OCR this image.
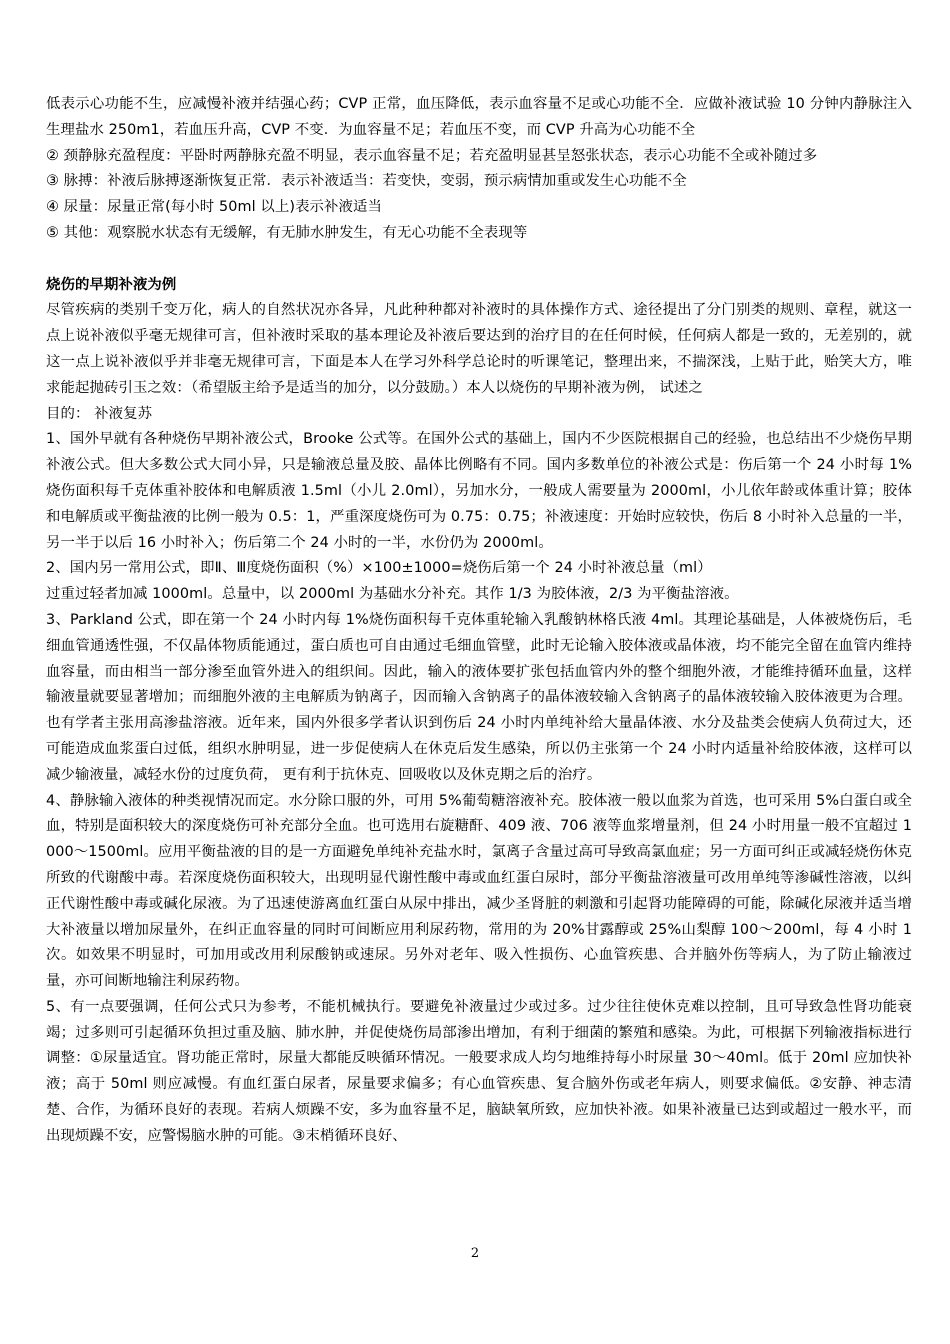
低表示心功能不生，应减慢补液并结强心药；CVP 正常，血压降低，表示血容量不足或心功能不全．应做补液试验 10 分钟内静脉注入生理盐水 250m1，若血压升高，CVP 不变．为血容量不足；若血压不变，而 CVP 升高为心功能不全

② 颈静脉充盈程度：平卧时两静脉充盈不明显，表示血容量不足；若充盈明显甚呈怒张状态，表示心功能不全或补随过多

③ 脉搏：补液后脉搏逐渐恢复正常．表示补液适当：若变快，变弱，预示病情加重或发生心功能不全

④ 尿量：尿量正常(每小时 50ml 以上)表示补液适当

⑤ 其他：观察脱水状态有无缓解，有无肺水肿发生，有无心功能不全表现等

烧伤的早期补液为例

尽管疾病的类别千变万化，病人的自然状况亦各异，凡此种种都对补液时的具体操作方式、途径提出了分门别类的规则、章程，就这一点上说补液似乎毫无规律可言，但补液时采取的基本理论及补液后要达到的治疗目的在任何时候，任何病人都是一致的，无差别的，就这一点上说补液似乎并非毫无规律可言，下面是本人在学习外科学总论时的听课笔记，整理出来，不揣深浅，上贴于此，贻笑大方，唯求能起抛砖引玉之效：（希望版主给予是适当的加分，以分鼓励。）本人以烧伤的早期补液为例， 试述之

目的： 补液复苏

1、国外早就有各种烧伤早期补液公式，Brooke 公式等。在国外公式的基础上，国内不少医院根据自己的经验，也总结出不少烧伤早期补液公式。但大多数公式大同小异，只是输液总量及胶、晶体比例略有不同。国内多数单位的补液公式是：伤后第一个 24 小时每 1%烧伤面积每千克体重补胶体和电解质液 1.5ml（小儿 2.0ml），另加水分，一般成人需要量为 2000ml，小儿依年龄或体重计算；胶体和电解质或平衡盐液的比例一般为 0.5：1，严重深度烧伤可为 0.75：0.75；补液速度：开始时应较快，伤后 8 小时补入总量的一半，另一半于以后 16 小时补入；伤后第二个 24 小时的一半，水份仍为 2000ml。

2、国内另一常用公式，即Ⅱ、Ⅲ度烧伤面积（%）×100±1000=烧伤后第一个 24 小时补液总量（ml）

过重过轻者加减 1000ml。总量中，以 2000ml 为基础水分补充。其作 1/3 为胶体液，2/3 为平衡盐溶液。

3、Parkland 公式，即在第一个 24 小时内每 1%烧伤面积每千克体重轮输入乳酸钠林格氏液 4ml。其理论基础是，人体被烧伤后，毛细血管通透性强，不仅晶体物质能通过，蛋白质也可自由通过毛细血管壁，此时无论输入胶体液或晶体液，均不能完全留在血管内维持血容量，而由相当一部分渗至血管外进入的组织间。因此，输入的液体要扩张包括血管内外的整个细胞外液，才能维持循环血量，这样输液量就要显著增加；而细胞外液的主电解质为钠离子，因而输入含钠离子的晶体液较输入含钠离子的晶体液较输入胶体液更为合理。也有学者主张用高渗盐溶液。近年来，国内外很多学者认识到伤后 24 小时内单纯补给大量晶体液、水分及盐类会使病人负荷过大，还可能造成血浆蛋白过低，组织水肿明显，进一步促使病人在休克后发生感染，所以仍主张第一个 24 小时内适量补给胶体液，这样可以减少输液量，减轻水份的过度负荷， 更有利于抗休克、回吸收以及休克期之后的治疗。

4、静脉输入液体的种类视情况而定。水分除口服的外，可用 5%葡萄糖溶液补充。胶体液一般以血浆为首选，也可采用 5%白蛋白或全血，特别是面积较大的深度烧伤可补充部分全血。也可选用右旋糖酐、409 液、706 液等血浆增量剂，但 24 小时用量一般不宜超过 1000～1500ml。应用平衡盐液的目的是一方面避免单纯补充盐水时，氯离子含量过高可导致高氯血症；另一方面可纠正或减轻烧伤休克所致的代谢酸中毒。若深度烧伤面积较大，出现明显代谢性酸中毒或血红蛋白尿时，部分平衡盐溶液量可改用单纯等渗碱性溶液，以纠正代谢性酸中毒或碱化尿液。为了迅速使游离血红蛋白从尿中排出，减少圣肾脏的刺激和引起肾功能障碍的可能，除碱化尿液并适当增大补液量以增加尿量外，在纠正血容量的同时可间断应用利尿药物，常用的为 20%甘露醇或 25%山梨醇 100～200ml，每 4 小时 1 次。如效果不明显时，可加用或改用利尿酸钠或速尿。另外对老年、吸入性损伤、心血管疾患、合并脑外伤等病人，为了防止输液过量，亦可间断地输注利尿药物。

5、有一点要强调，任何公式只为参考，不能机械执行。要避免补液量过少或过多。过少往往使休克难以控制，且可导致急性肾功能衰竭；过多则可引起循环负担过重及脑、肺水肿，并促使烧伤局部渗出增加，有利于细菌的繁殖和感染。为此，可根据下列输液指标进行调整：①尿量适宜。肾功能正常时，尿量大都能反映循环情况。一般要求成人均匀地维持每小时尿量 30～40ml。低于 20ml 应加快补液；高于 50ml 则应减慢。有血红蛋白尿者，尿量要求偏多；有心血管疾患、复合脑外伤或老年病人，则要求偏低。②安静、神志清楚、合作，为循环良好的表现。若病人烦躁不安，多为血容量不足，脑缺氧所致，应加快补液。如果补液量已达到或超过一般水平，而出现烦躁不安，应警惕脑水肿的可能。③末梢循环良好、

2
